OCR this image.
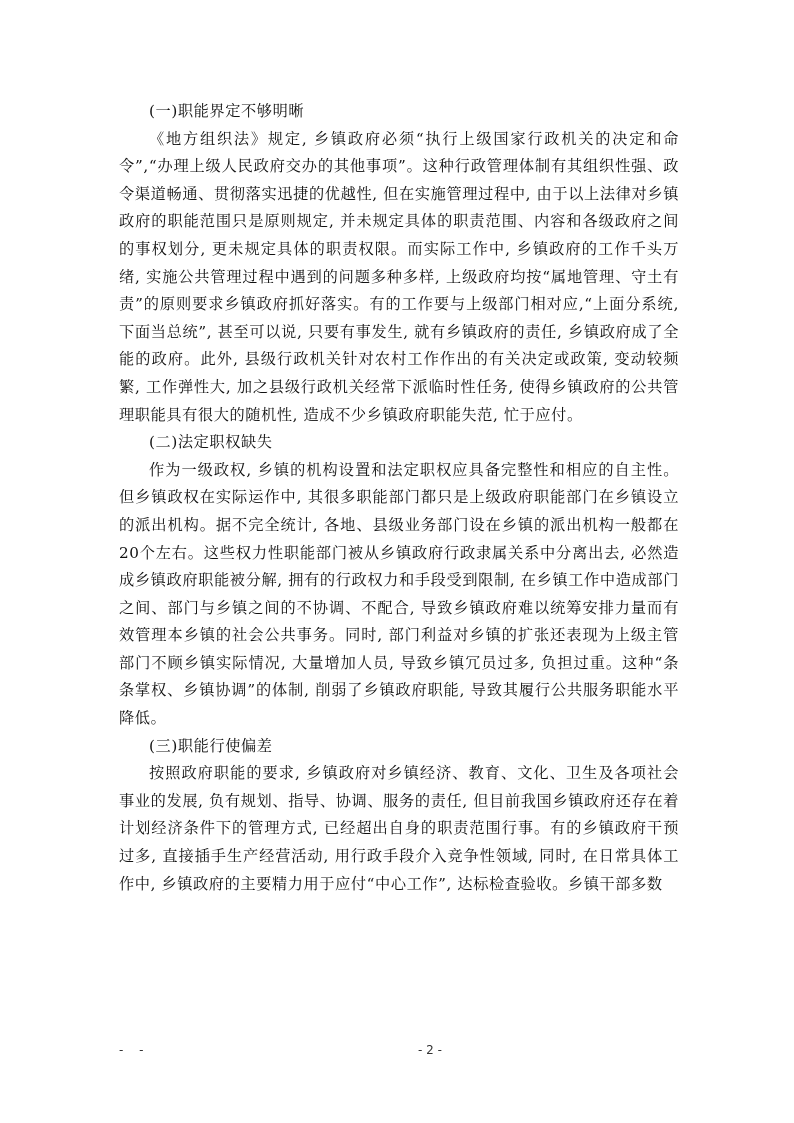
(一)职能界定不够明晰

《地方组织法》规定, 乡镇政府必须“执行上级国家行政机关的决定和命令”,“办理上级人民政府交办的其他事项”。这种行政管理体制有其组织性强、政令渠道畅通、贯彻落实迅捷的优越性, 但在实施管理过程中, 由于以上法律对乡镇政府的职能范围只是原则规定, 并未规定具体的职责范围、内容和各级政府之间的事权划分, 更未规定具体的职责权限。而实际工作中, 乡镇政府的工作千头万绪, 实施公共管理过程中遇到的问题多种多样, 上级政府均按“属地管理、守土有责”的原则要求乡镇政府抓好落实。有的工作要与上级部门相对应,“上面分系统, 下面当总统”, 甚至可以说, 只要有事发生, 就有乡镇政府的责任, 乡镇政府成了全能的政府。此外, 县级行政机关针对农村工作作出的有关决定或政策, 变动较频繁, 工作弹性大, 加之县级行政机关经常下派临时性任务, 使得乡镇政府的公共管理职能具有很大的随机性, 造成不少乡镇政府职能失范, 忙于应付。

(二)法定职权缺失

作为一级政权, 乡镇的机构设置和法定职权应具备完整性和相应的自主性。但乡镇政权在实际运作中, 其很多职能部门都只是上级政府职能部门在乡镇设立的派出机构。据不完全统计, 各地、县级业务部门设在乡镇的派出机构一般都在20个左右。这些权力性职能部门被从乡镇政府行政隶属关系中分离出去, 必然造成乡镇政府职能被分解, 拥有的行政权力和手段受到限制, 在乡镇工作中造成部门之间、部门与乡镇之间的不协调、不配合, 导致乡镇政府难以统筹安排力量而有效管理本乡镇的社会公共事务。同时, 部门利益对乡镇的扩张还表现为上级主管部门不顾乡镇实际情况, 大量增加人员, 导致乡镇冗员过多, 负担过重。这种“条条掌权、乡镇协调”的体制, 削弱了乡镇政府职能, 导致其履行公共服务职能水平降低。

(三)职能行使偏差

按照政府职能的要求, 乡镇政府对乡镇经济、教育、文化、卫生及各项社会事业的发展, 负有规划、指导、协调、服务的责任, 但目前我国乡镇政府还存在着计划经济条件下的管理方式, 已经超出自身的职责范围行事。有的乡镇政府干预过多, 直接插手生产经营活动, 用行政手段介入竞争性领域, 同时, 在日常具体工作中, 乡镇政府的主要精力用于应付“中心工作”, 达标检查验收。乡镇干部多数

- -	- 2 -
